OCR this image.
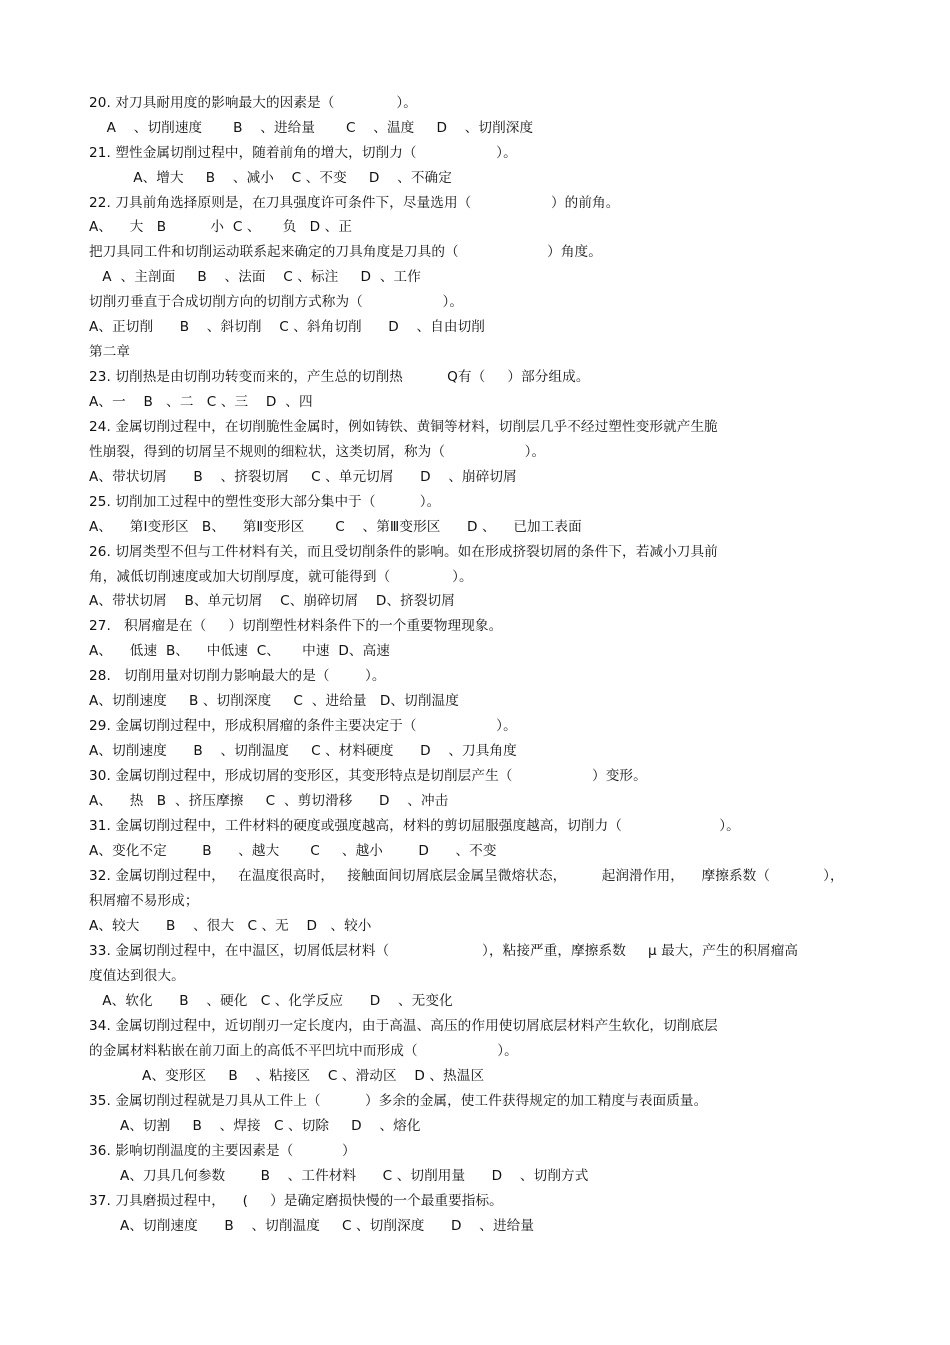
20. 对刀具耐用度的影响最大的因素是（              ）。
A    、切削速度       B    、进给量       C    、温度     D    、切削深度
21. 塑性金属切削过程中，随着前角的增大，切削力（                  ）。
A、增大     B    、减小    C 、不变     D    、不确定
22. 刀具前角选择原则是，在刀具强度许可条件下，尽量选用（                  ）的前角。
A、    大   B          小  C 、     负   D 、正
把刀具同工件和切削运动联系起来确定的刀具角度是刀具的（                    ）角度。
A  、主剖面     B    、法面    C 、标注     D  、工作
切削刃垂直于合成切削方向的切削方式称为（                  ）。
A、正切削      B    、斜切削    C 、斜角切削      D    、自由切削
第二章
23. 切削热是由切削功转变而来的，产生总的切削热          Q有（     ）部分组成。
A、一    B   、二   C 、三    D  、四
24. 金属切削过程中，在切削脆性金属时，例如铸铁、黄铜等材料，切削层几乎不经过塑性变形就产生脆
性崩裂，得到的切屑呈不规则的细粒状，这类切屑，称为（                  ）。
A、带状切屑      B    、挤裂切屑     C 、单元切屑      D    、崩碎切屑
25. 切削加工过程中的塑性变形大部分集中于（          ）。
A、    第Ⅰ变形区   B、    第Ⅱ变形区       C    、第Ⅲ变形区      D 、    已加工表面
26. 切屑类型不但与工件材料有关，而且受切削条件的影响。如在形成挤裂切屑的条件下，若减小刀具前
角，减低切削速度或加大切削厚度，就可能得到（              ）。
A、带状切屑    B、单元切屑    C、崩碎切屑    D、挤裂切屑
27.   积屑瘤是在（     ）切削塑性材料条件下的一个重要物理现象。
A、    低速  B、    中低速  C、     中速  D、高速
28.   切削用量对切削力影响最大的是（        ）。
A、切削速度     B 、切削深度     C  、进给量   D、切削温度
29. 金属切削过程中，形成积屑瘤的条件主要决定于（                  ）。
A、切削速度      B    、切削温度     C 、材料硬度      D    、刀具角度
30. 金属切削过程中，形成切屑的变形区，其变形特点是切削层产生（                  ）变形。
A、    热   B  、挤压摩擦     C  、剪切滑移      D    、冲击
31. 金属切削过程中，工件材料的硬度或强度越高，材料的剪切屈服强度越高，切削力（                      ）。
A、变化不定        B      、越大       C     、越小        D      、不变
32. 金属切削过程中，   在温度很高时，   接触面间切屑底层金属呈微熔状态，        起润滑作用，    摩擦系数（            ），
积屑瘤不易形成；
A、较大      B    、很大   C 、无    D   、较小
33. 金属切削过程中，在中温区，切屑低层材料（                     ），粘接严重，摩擦系数     μ 最大，产生的积屑瘤高
度值达到很大。
A、软化      B    、硬化   C 、化学反应      D    、无变化
34. 金属切削过程中，近切削刃一定长度内，由于高温、高压的作用使切屑底层材料产生软化，切削底层
的金属材料粘嵌在前刀面上的高低不平凹坑中而形成（                  ）。
A、变形区     B    、粘接区    C 、滑动区    D 、热温区
35. 金属切削过程就是刀具从工件上（          ）多余的金属，使工件获得规定的加工精度与表面质量。
A、切割     B    、焊接   C 、切除     D    、熔化
36. 影响切削温度的主要因素是（           ）
A、刀具几何参数        B    、工件材料      C 、切削用量      D    、切削方式
37. 刀具磨损过程中，    (     ）是确定磨损快慢的一个最重要指标。
A、切削速度      B    、切削温度     C 、切削深度      D    、进给量
